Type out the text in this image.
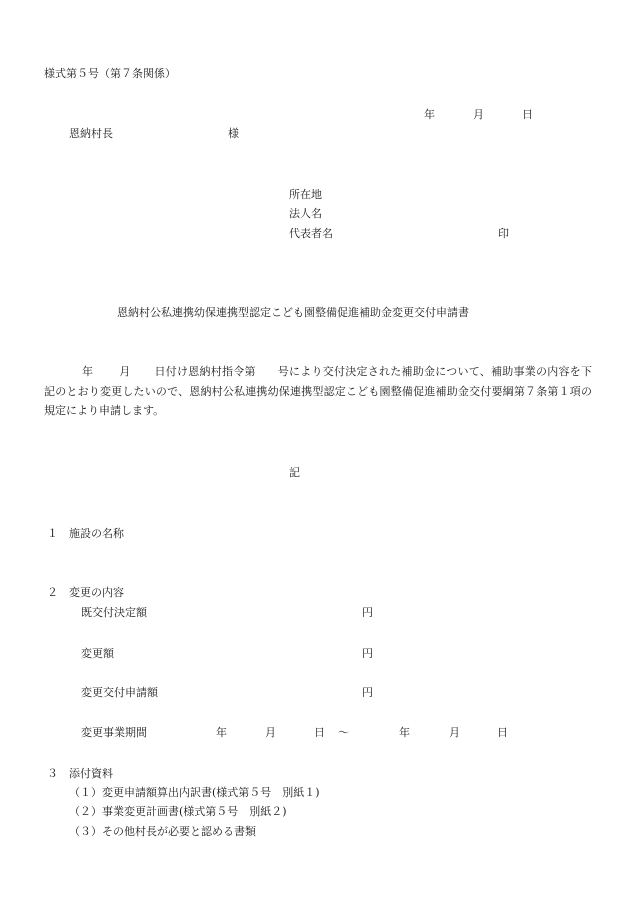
様式第５号（第７条関係）
年	月	日
恩納村長	様
所在地
法人名
代表者名	印
恩納村公私連携幼保連携型認定こども園整備促進補助金変更交付申請書
年 月 日付け恩納村指令第 号により交付決定された補助金について、補助事業の内容を下記のとおり変更したいので、恩納村公私連携幼保連携型認定こども園整備促進補助金交付要綱第７条第１項の規定により申請します。
記
１ 施設の名称
２ 変更の内容
既交付決定額	円
変更額	円
変更交付申請額	円
変更事業期間	年	月	日 ～	年	月	日
３ 添付資料
（１）変更申請額算出内訳書(様式第５号　別紙１)
（２）事業変更計画書(様式第５号　別紙２)
（３）その他村長が必要と認める書類
